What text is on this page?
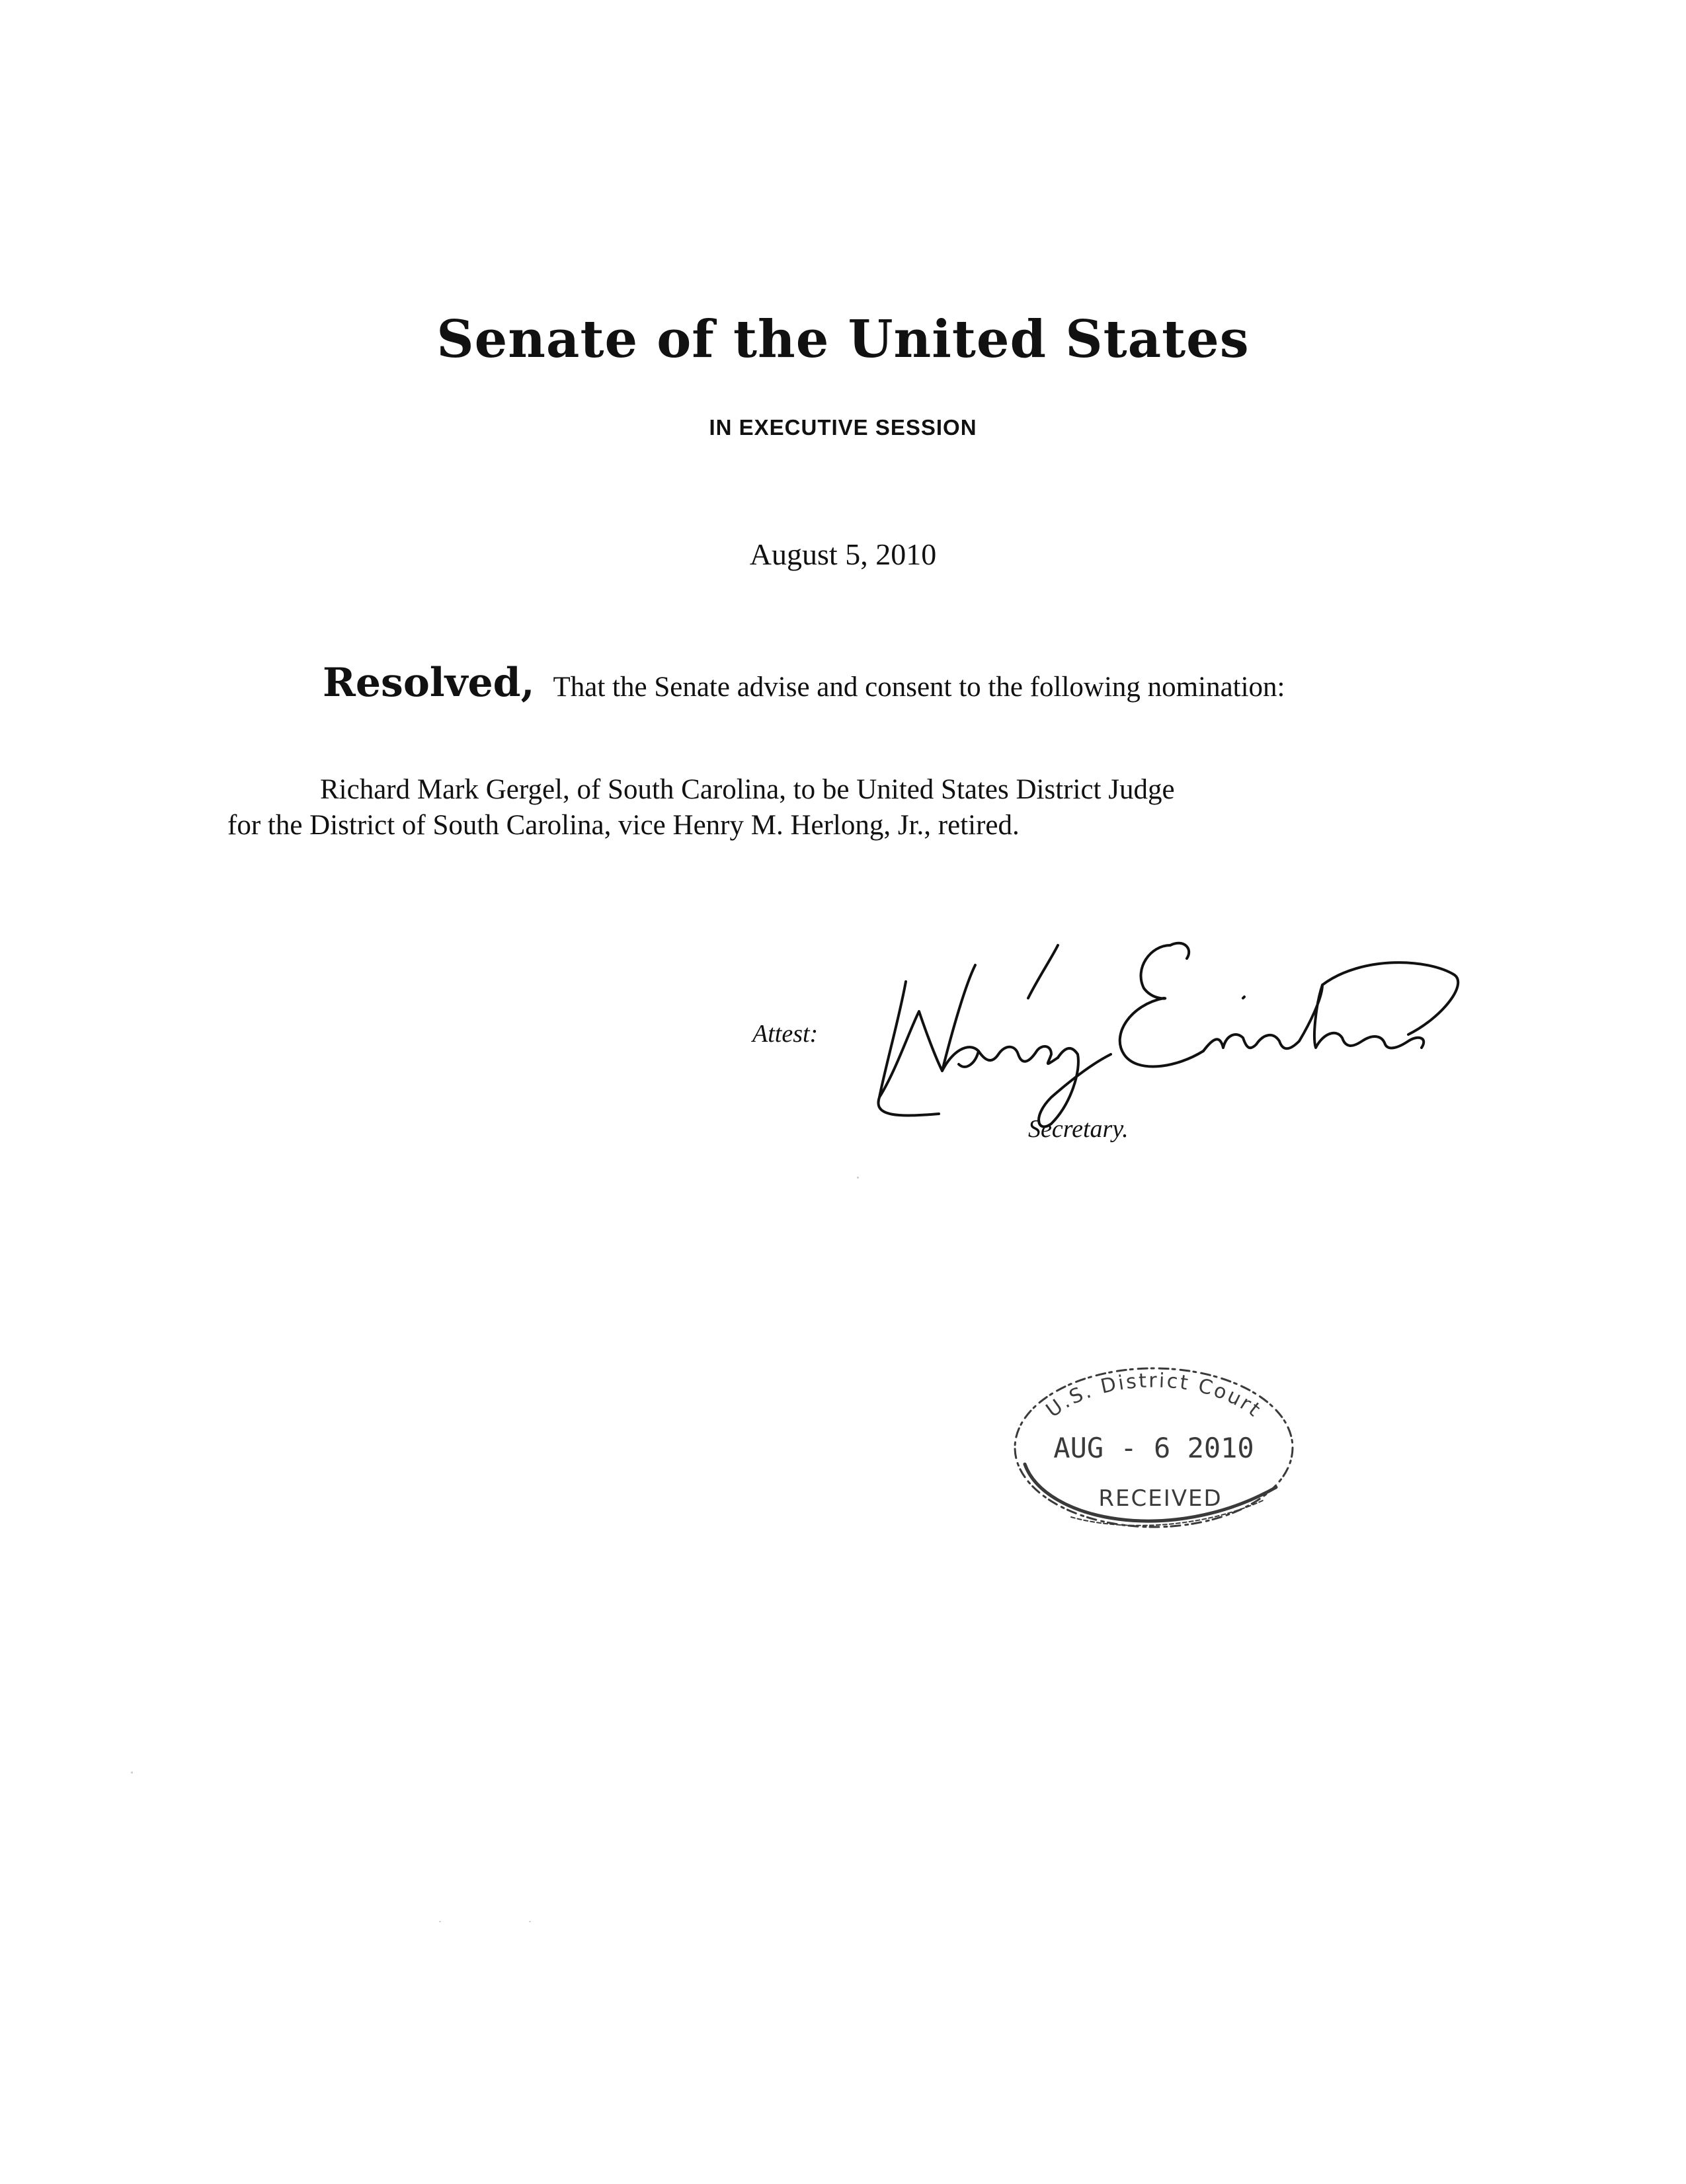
Senate of the United States
IN EXECUTIVE SESSION
August 5, 2010
Resolved, That the Senate advise and consent to the following nomination:
Richard Mark Gergel, of South Carolina, to be United States District Judge
for the District of South Carolina, vice Henry M. Herlong, Jr., retired.
Attest:
Secretary.
U.S. District Court
AUG - 6 2010
RECEIVED
